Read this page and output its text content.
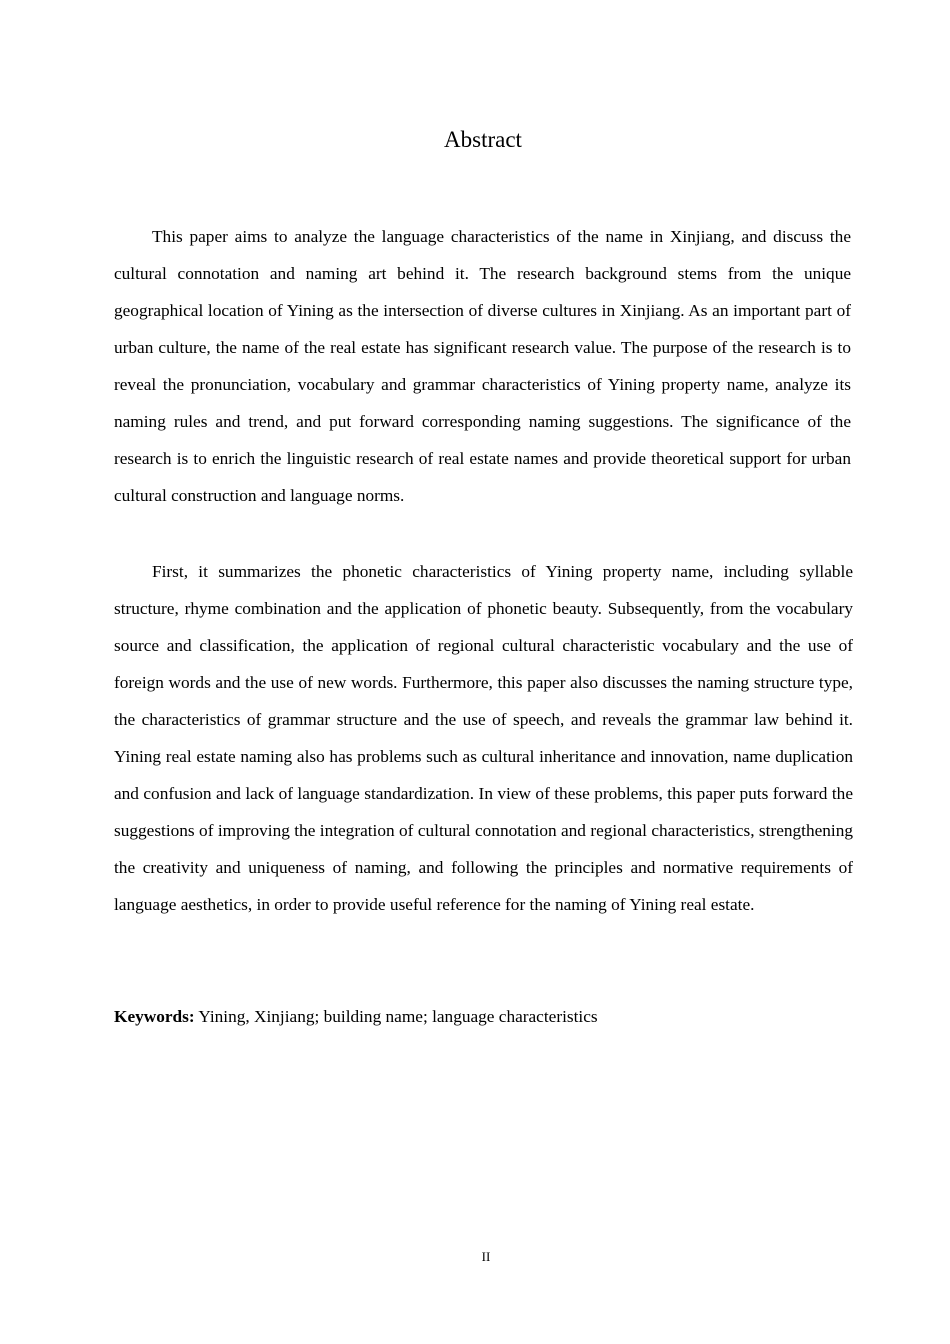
Abstract

This paper aims to analyze the language characteristics of the name in Xinjiang, and discuss the cultural connotation and naming art behind it. The research background stems from the unique geographical location of Yining as the intersection of diverse cultures in Xinjiang. As an important part of urban culture, the name of the real estate has significant research value. The purpose of the research is to reveal the pronunciation, vocabulary and grammar characteristics of Yining property name, analyze its naming rules and trend, and put forward corresponding naming suggestions. The significance of the research is to enrich the linguistic research of real estate names and provide theoretical support for urban cultural construction and language norms.

First, it summarizes the phonetic characteristics of Yining property name, including syllable structure, rhyme combination and the application of phonetic beauty. Subsequently, from the vocabulary source and classification, the application of regional cultural characteristic vocabulary and the use of foreign words and the use of new words. Furthermore, this paper also discusses the naming structure type, the characteristics of grammar structure and the use of speech, and reveals the grammar law behind it. Yining real estate naming also has problems such as cultural inheritance and innovation, name duplication and confusion and lack of language standardization. In view of these problems, this paper puts forward the suggestions of improving the integration of cultural connotation and regional characteristics, strengthening the creativity and uniqueness of naming, and following the principles and normative requirements of language aesthetics, in order to provide useful reference for the naming of Yining real estate.

Keywords: Yining, Xinjiang; building name; language characteristics
II
